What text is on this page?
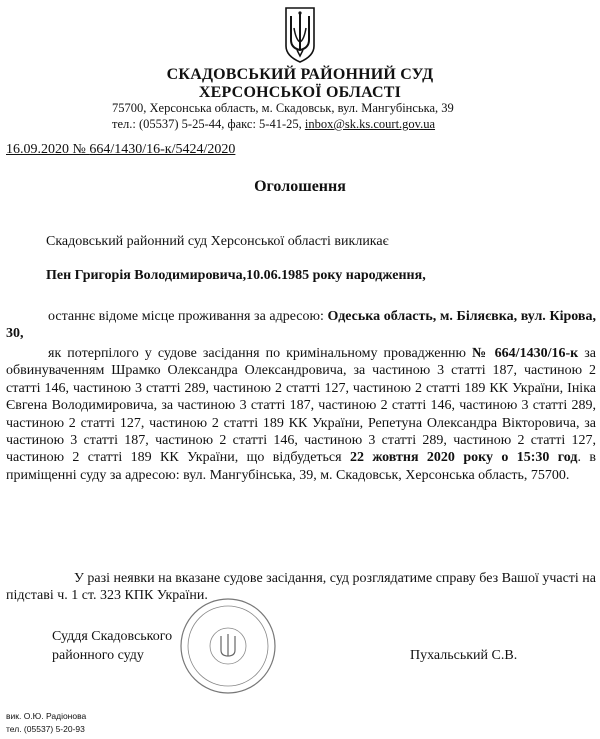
СКАДОВСЬКИЙ РАЙОННИЙ СУД
ХЕРСОНСЬКОЇ ОБЛАСТІ
75700, Херсонська область, м. Скадовськ, вул. Мангубінська, 39
тел.: (05537) 5-25-44, факс: 5-41-25, inbox@sk.ks.court.gov.ua
16.09.2020 № 664/1430/16-к/5424/2020
Оголошення
Скадовський районний суд Херсонської області викликає
Пен Григорія Володимировича,10.06.1985 року народження,
останнє відоме місце проживання за адресою: Одеська область, м. Біляєвка, вул. Кірова, 30,
як потерпілого у судове засідання по кримінальному провадженню № 664/1430/16-к за обвинуваченням Шрамко Олександра Олександровича, за частиною 3 статті 187, частиною 2 статті 146, частиною 3 статті 289, частиною 2 статті 127, частиною 2 статті 189 КК України, Ініка Євгена Володимировича, за частиною 3 статті 187, частиною 2 статті 146, частиною 3 статті 289, частиною 2 статті 127, частиною 2 статті 189 КК України, Репетуна Олександра Вікторовича, за частиною 3 статті 187, частиною 2 статті 146, частиною 3 статті 289, частиною 2 статті 127, частиною 2 статті 189 КК України, що відбудеться 22 жовтня 2020 року о 15:30 год. в приміщенні суду за адресою: вул. Мангубінська, 39, м. Скадовськ, Херсонська область, 75700.
У разі неявки на вказане судове засідання, суд розглядатиме справу без Вашої участі на підставі ч. 1 ст. 323 КПК України.
Суддя Скадовського
районного суду	Пухальський С.В.
вик. О.Ю. Радіонова
тел. (05537) 5-20-93
